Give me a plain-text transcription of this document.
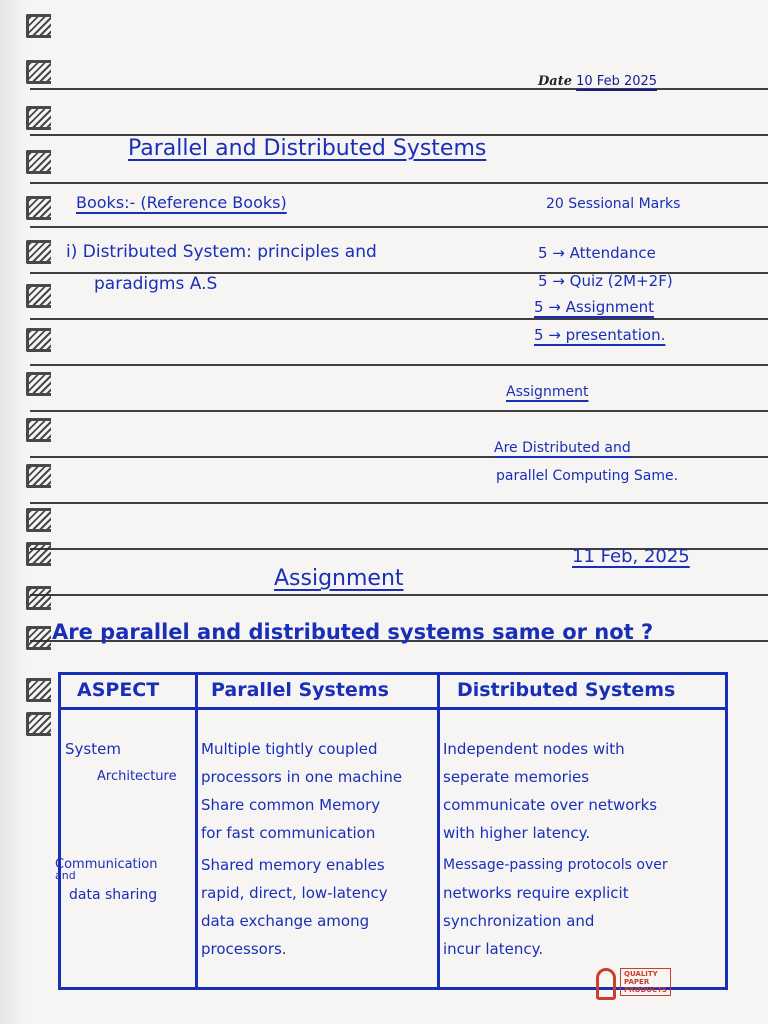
Date 10 Feb 2025
Parallel and Distributed Systems
Books:- (Reference Books)
i) Distributed System: principles and
paradigms A.S
20 Sessional Marks
5 → Attendance
5 → Quiz (2M+2F)
5 → Assignment
5 → presentation.
Assignment
Are Distributed and
parallel Computing Same.
11 Feb, 2025
Assignment
Are parallel and distributed systems same or not ?
ASPECT	Parallel Systems	Distributed Systems
System
Architecture
Multiple tightly coupled
processors in one machine
Share common Memory
for fast communication
Independent nodes with
seperate memories
communicate over networks
with higher latency.
Communication
and
data sharing
Shared memory enables
rapid, direct, low-latency
data exchange among
processors.
Message-passing protocols over
networks require explicit
synchronization and
incur latency.
QUALITY
PAPER
PRODUCTS
